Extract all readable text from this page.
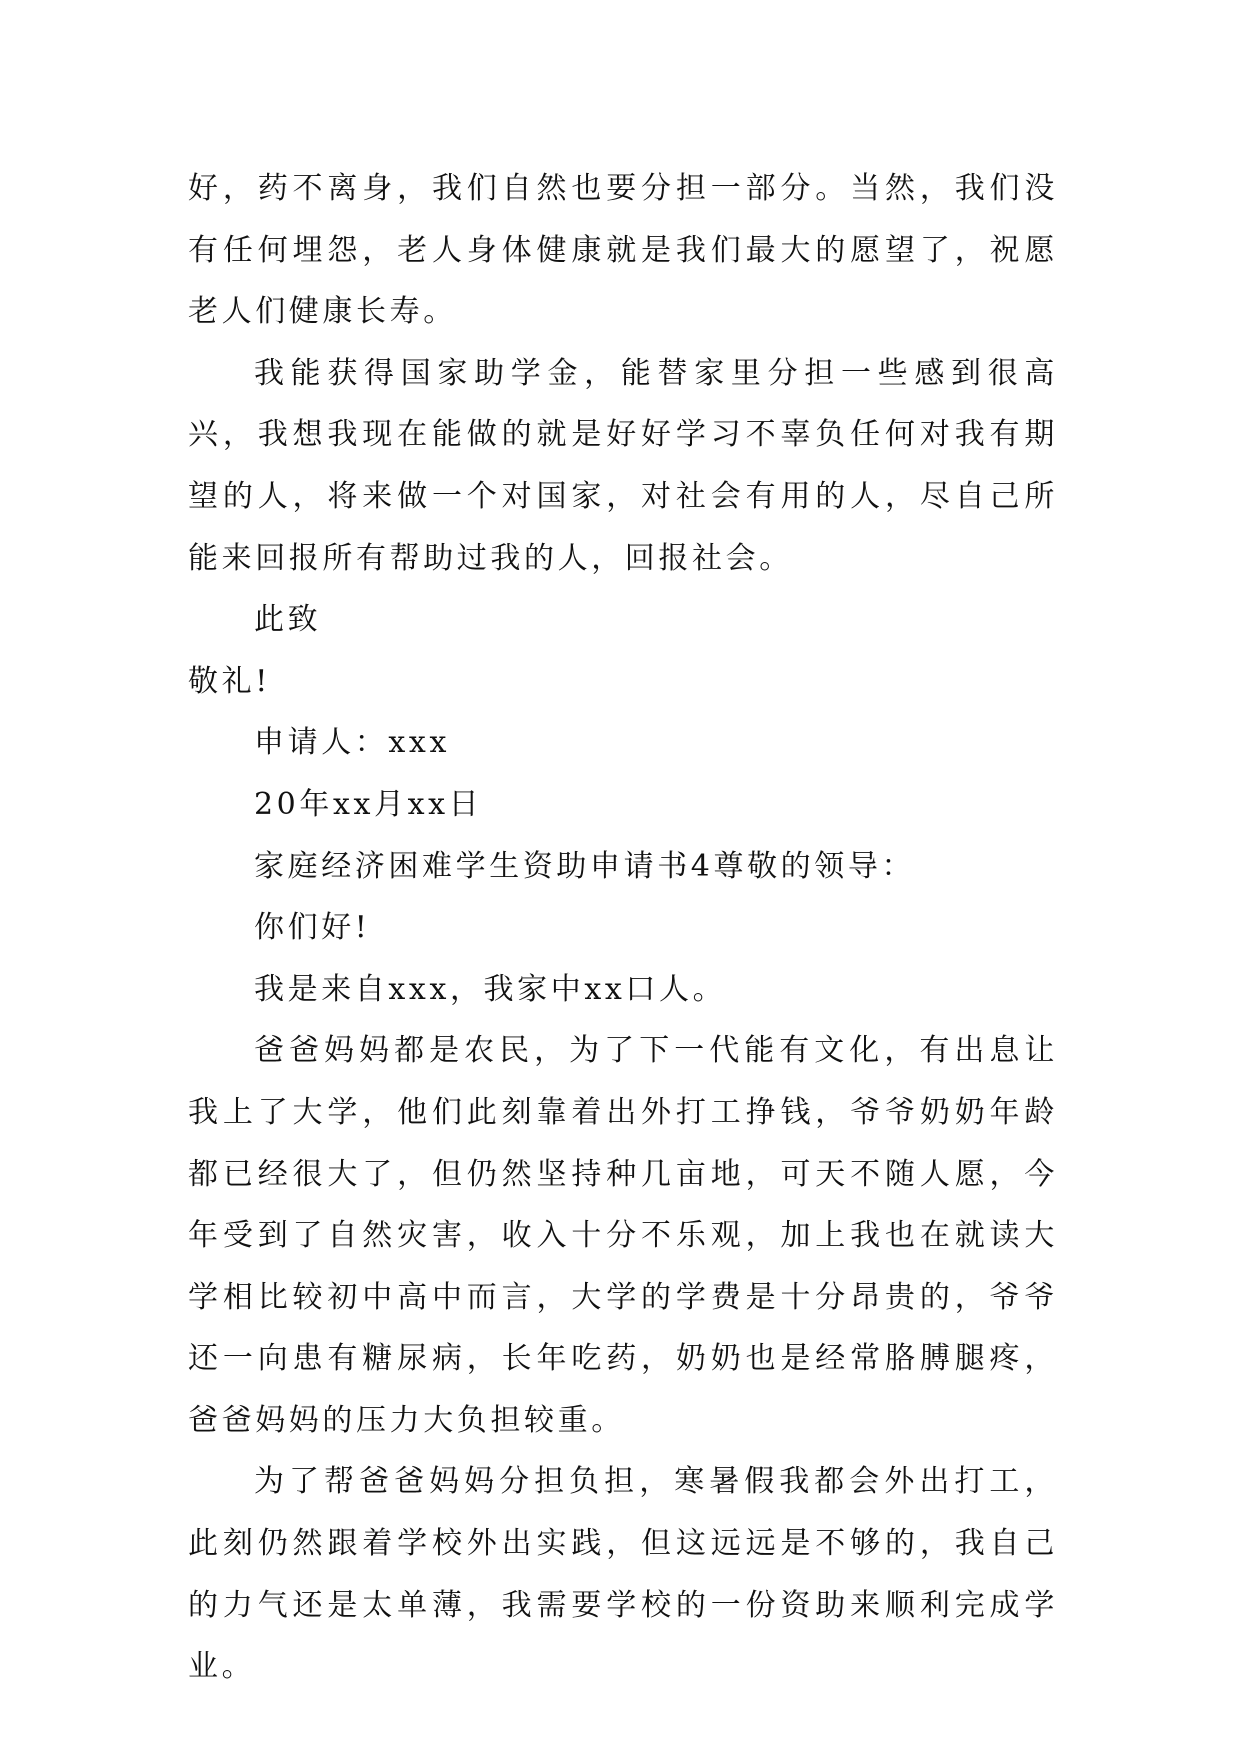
好，药不离身，我们自然也要分担一部分。当然，我们没有任何埋怨，老人身体健康就是我们最大的愿望了，祝愿老人们健康长寿。

我能获得国家助学金，能替家里分担一些感到很高兴，我想我现在能做的就是好好学习不辜负任何对我有期望的人，将来做一个对国家，对社会有用的人，尽自己所能来回报所有帮助过我的人，回报社会。

此致

敬礼!

申请人：xxx

20年xx月xx日

家庭经济困难学生资助申请书4尊敬的领导：

你们好!

我是来自xxx，我家中xx口人。

爸爸妈妈都是农民，为了下一代能有文化，有出息让我上了大学，他们此刻靠着出外打工挣钱，爷爷奶奶年龄都已经很大了，但仍然坚持种几亩地，可天不随人愿，今年受到了自然灾害，收入十分不乐观，加上我也在就读大学相比较初中高中而言，大学的学费是十分昂贵的，爷爷还一向患有糖尿病，长年吃药，奶奶也是经常胳膊腿疼，爸爸妈妈的压力大负担较重。

为了帮爸爸妈妈分担负担，寒暑假我都会外出打工，此刻仍然跟着学校外出实践，但这远远是不够的，我自己的力气还是太单薄，我需要学校的一份资助来顺利完成学业。
